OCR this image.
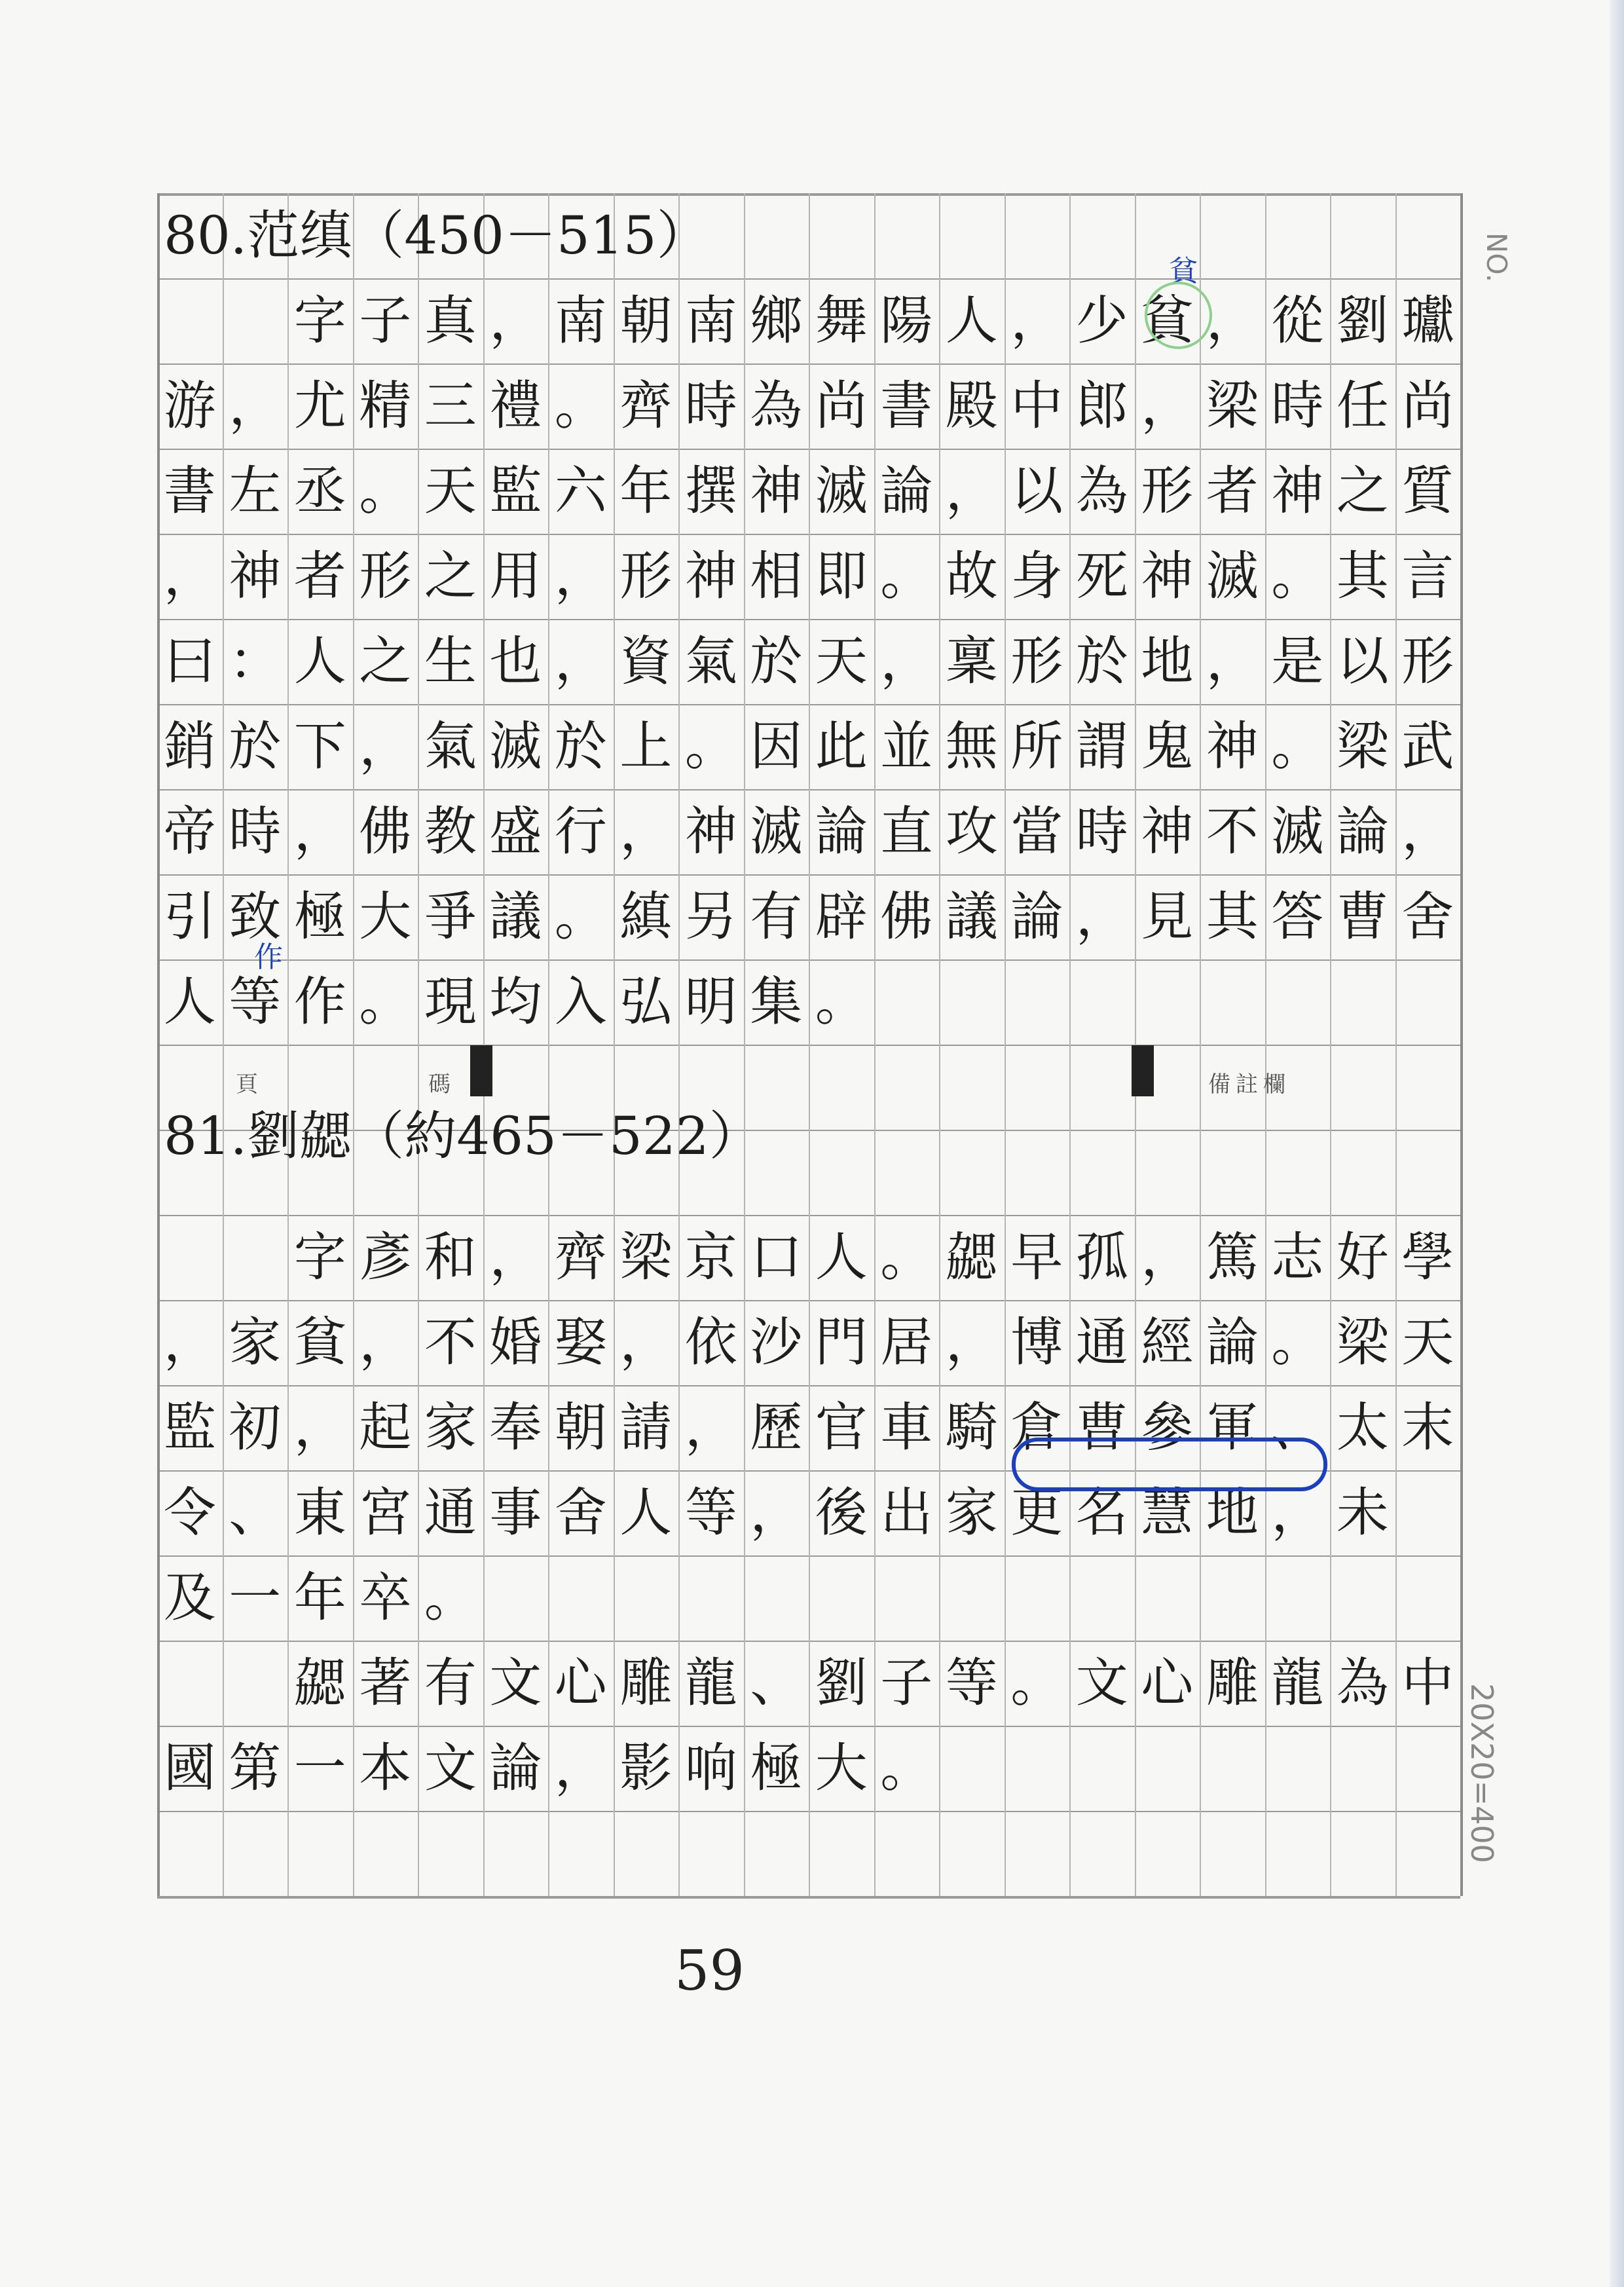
80.范缜（450－515）
　　字子真，南朝南鄉舞陽人，少貧，從劉瓛
游，尤精三禮。齊時為尚書殿中郎，梁時任尚
書左丞。天監六年撰神滅論，以為形者神之質
，神者形之用，形神相即。故身死神滅。其言
曰：人之生也，資氣於天，稟形於地，是以形
銷於下，氣滅於上。因此並無所謂鬼神。梁武
帝時，佛教盛行，神滅論直攻當時神不滅論，
引致極大爭議。縝另有辟佛議論，見其答曹舍
人等作。現均入弘明集。
頁　　　　　　碼	備註欄
81.劉勰（約465－522）
　　字彥和，齊梁京口人。勰早孤，篤志好學
，家貧，不婚娶，依沙門居，博通經論。梁天
監初，起家奉朝請，歷官車騎倉曹參軍、太末
令、東宮通事舍人等，後出家更名慧地，未
及一年卒。
　　勰著有文心雕龍、劉子等。文心雕龍為中
國第一本文論，影响極大。
貧
作
NO.
20X20=400
59
